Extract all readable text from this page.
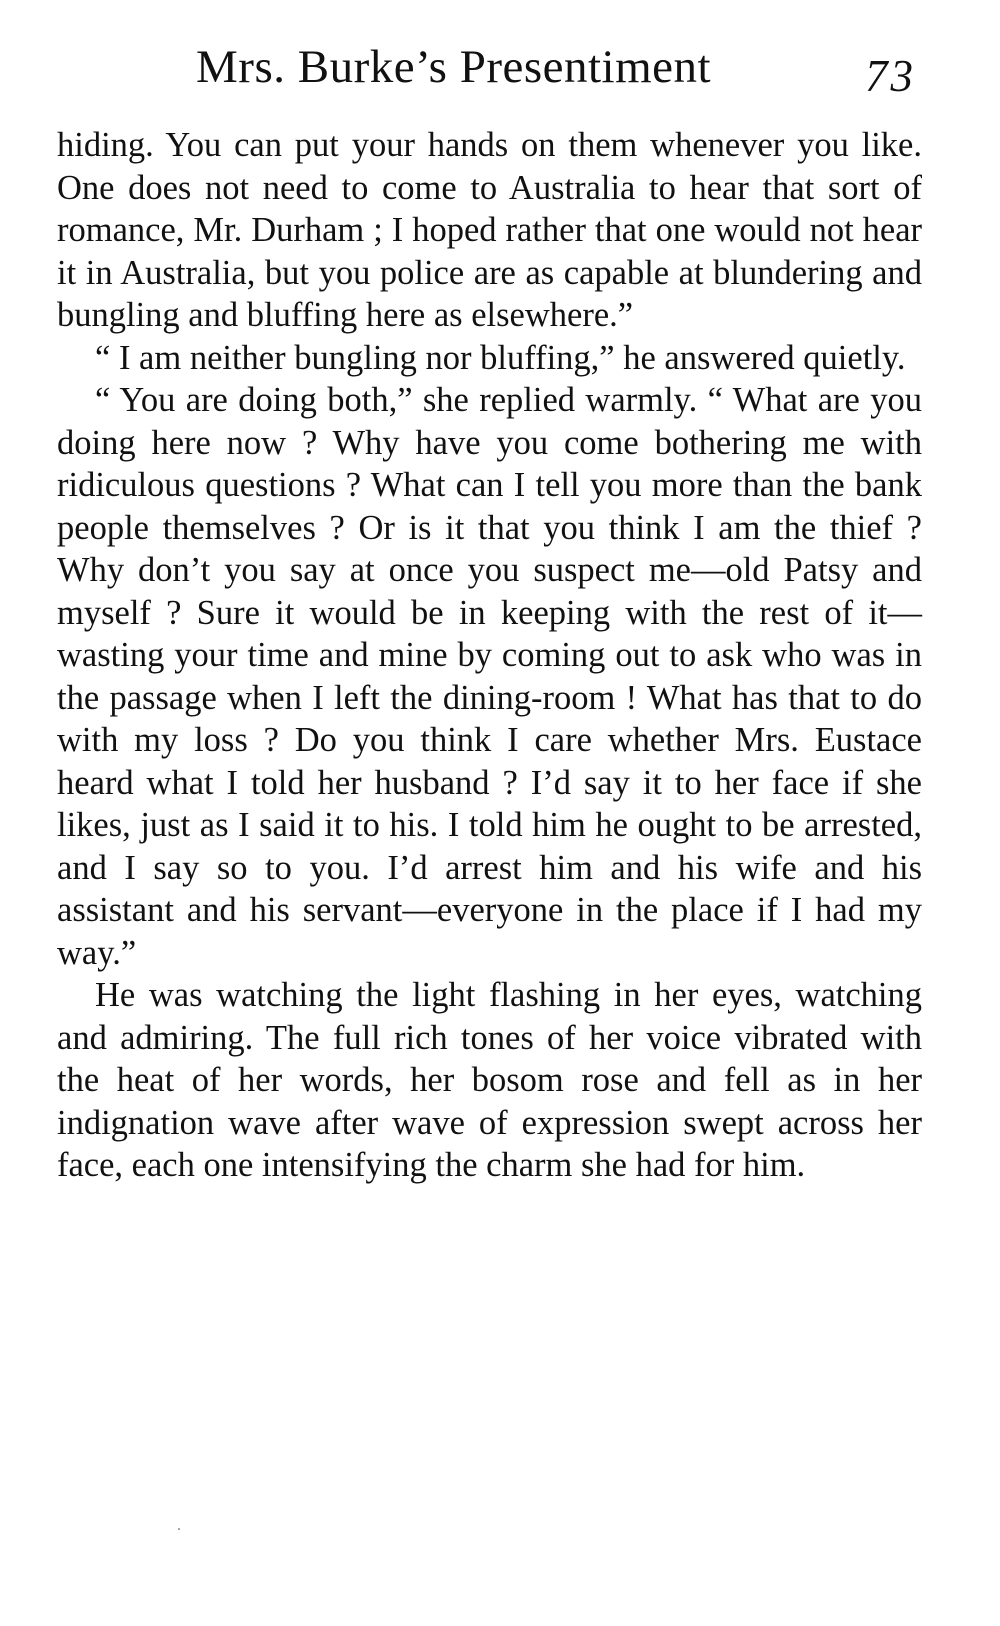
Mrs. Burke’s Presentiment	73

hiding. You can put your hands on them whenever you like. One does not need to come to Australia to hear that sort of romance, Mr. Durham ; I hoped rather that one would not hear it in Australia, but you police are as capable at blundering and bungling and bluffing here as elsewhere.”

“ I am neither bungling nor bluffing,” he answered quietly.

“ You are doing both,” she replied warmly. “ What are you doing here now ? Why have you come bothering me with ridiculous questions ? What can I tell you more than the bank people themselves ? Or is it that you think I am the thief ? Why don’t you say at once you suspect me—old Patsy and myself ? Sure it would be in keeping with the rest of it—wasting your time and mine by coming out to ask who was in the passage when I left the dining-room ! What has that to do with my loss ? Do you think I care whether Mrs. Eustace heard what I told her husband ? I’d say it to her face if she likes, just as I said it to his. I told him he ought to be arrested, and I say so to you. I’d arrest him and his wife and his assistant and his servant—everyone in the place if I had my way.”

He was watching the light flashing in her eyes, watching and admiring. The full rich tones of her voice vibrated with the heat of her words, her bosom rose and fell as in her indignation wave after wave of expression swept across her face, each one intensifying the charm she had for him.
